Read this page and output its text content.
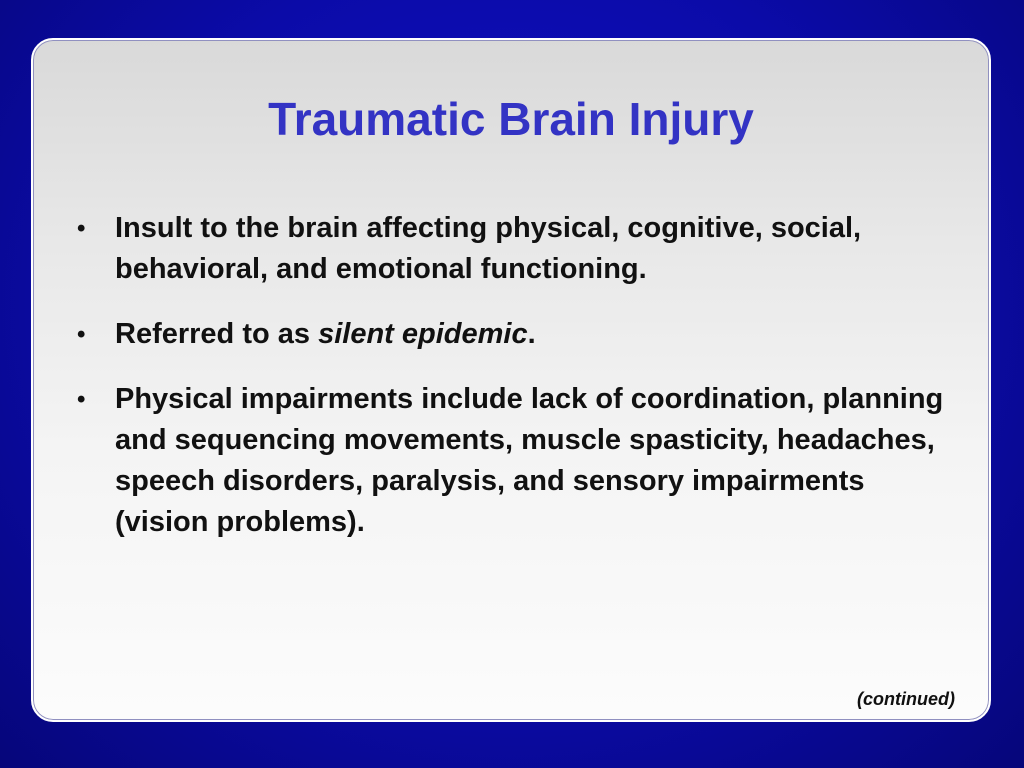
Traumatic Brain Injury
•	Insult to the brain affecting physical, cognitive, social, behavioral, and emotional functioning.
•	Referred to as silent epidemic.
•	Physical impairments include lack of coordination, planning and sequencing movements, muscle spasticity, headaches, speech disorders, paralysis, and sensory impairments (vision problems).
(continued)
